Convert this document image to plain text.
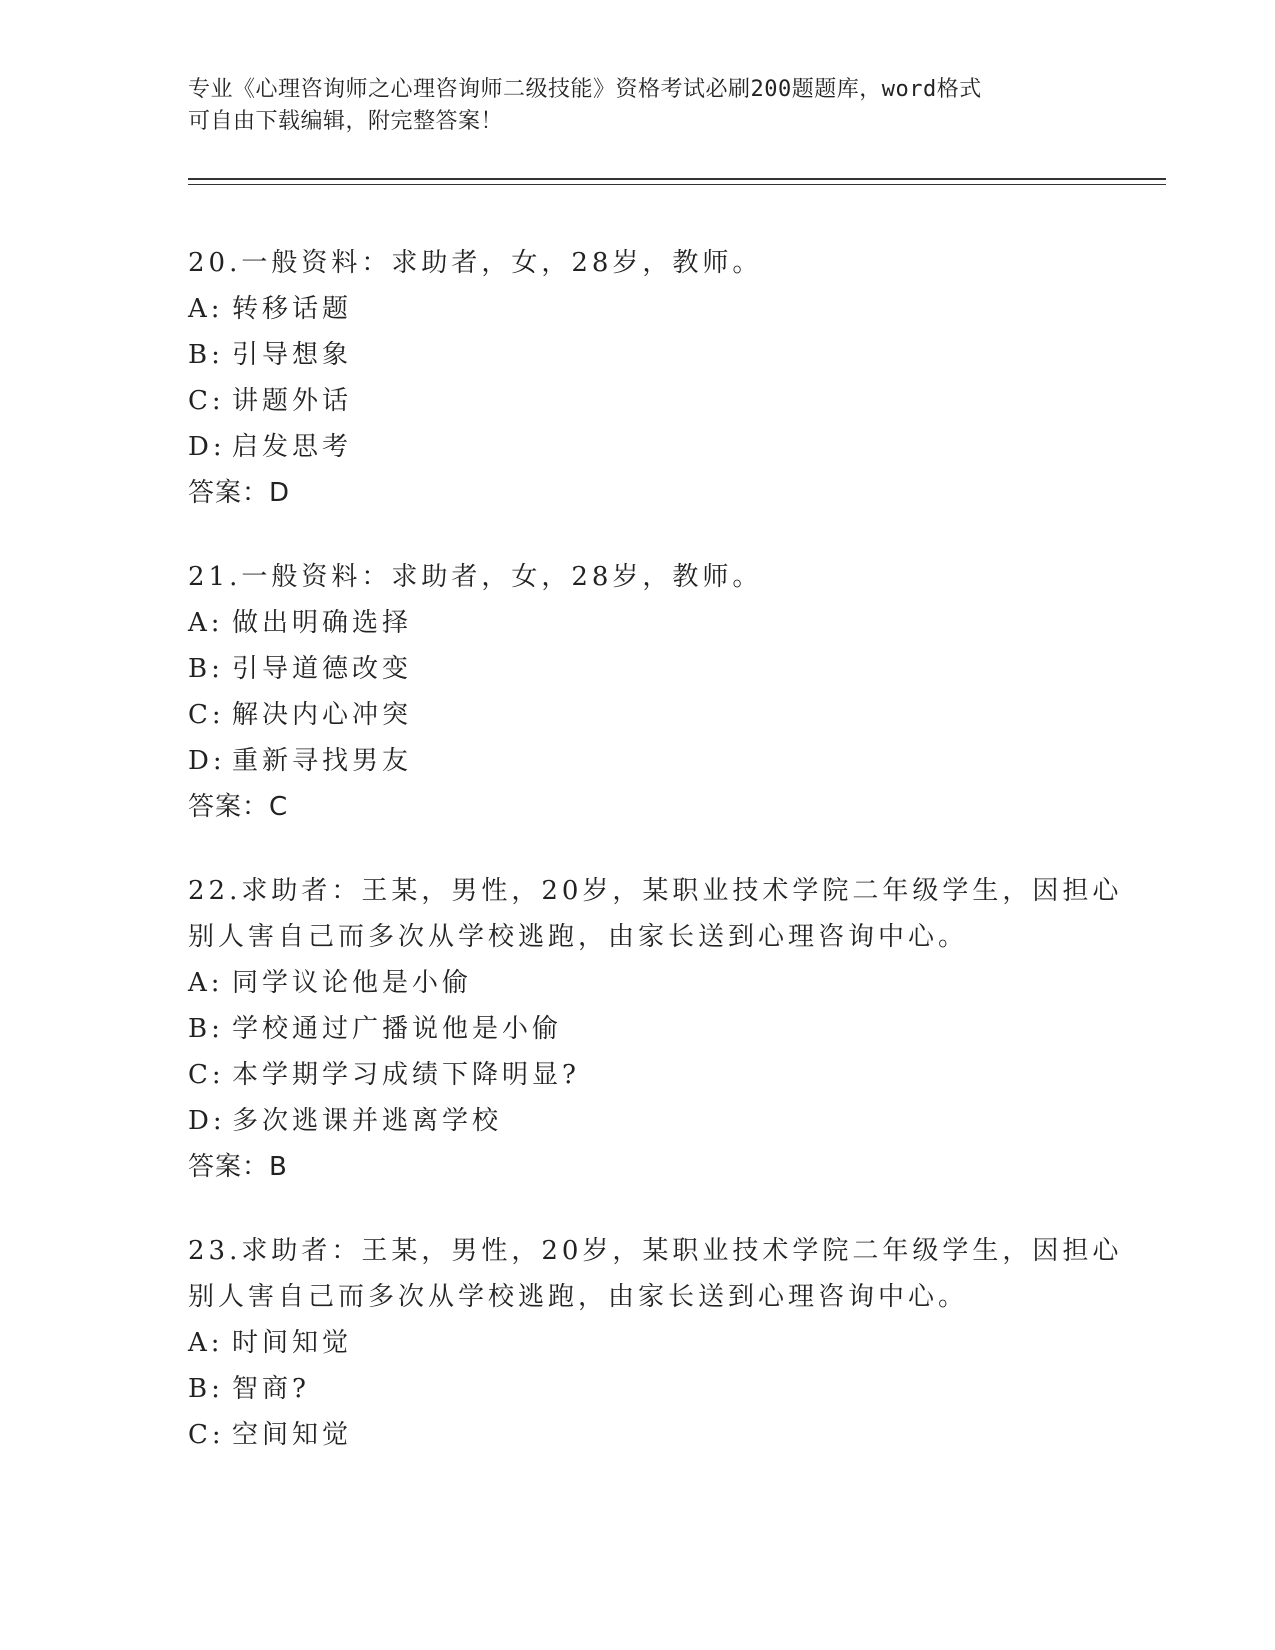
专业《心理咨询师之心理咨询师二级技能》资格考试必刷200题题库，word格式
可自由下载编辑，附完整答案！
20.一般资料：求助者，女，28岁，教师。
A: 转移话题
B: 引导想象
C: 讲题外话
D: 启发思考
答案：D
21.一般资料：求助者，女，28岁，教师。
A: 做出明确选择
B: 引导道德改变
C: 解决内心冲突
D: 重新寻找男友
答案：C
22.求助者：王某，男性，20岁，某职业技术学院二年级学生，因担心
别人害自己而多次从学校逃跑，由家长送到心理咨询中心。
A: 同学议论他是小偷
B: 学校通过广播说他是小偷
C: 本学期学习成绩下降明显?
D: 多次逃课并逃离学校
答案：B
23.求助者：王某，男性，20岁，某职业技术学院二年级学生，因担心
别人害自己而多次从学校逃跑，由家长送到心理咨询中心。
A: 时间知觉
B: 智商?
C: 空间知觉
